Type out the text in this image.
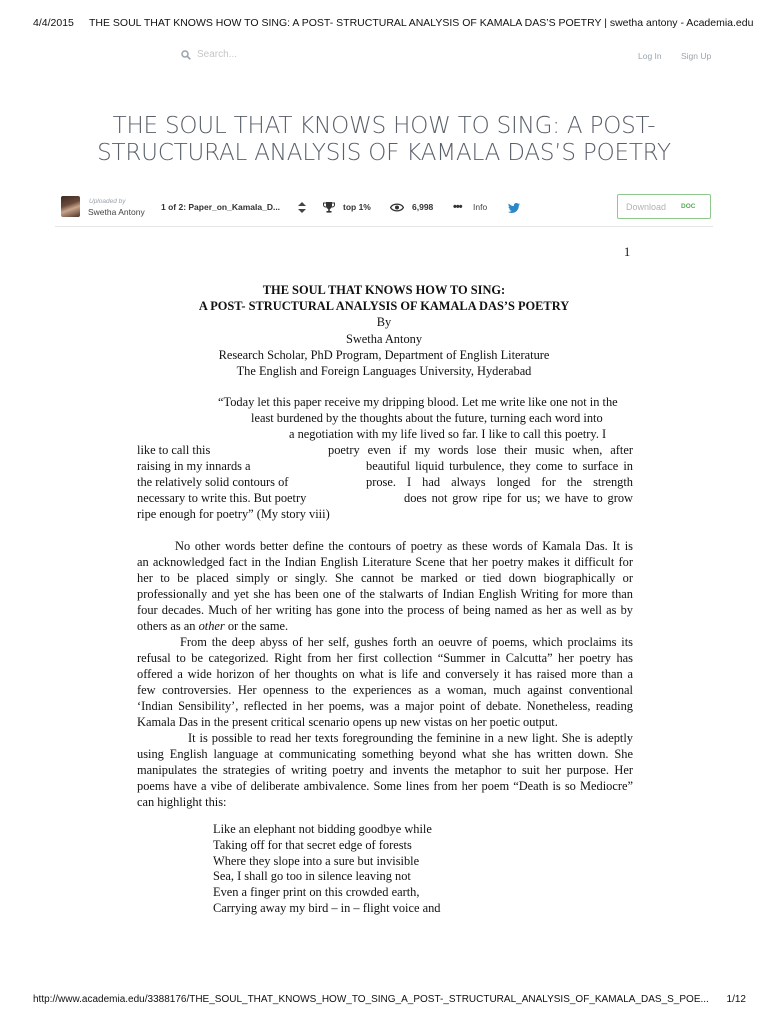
4/4/2015 THE SOUL THAT KNOWS HOW TO SING: A POST- STRUCTURAL ANALYSIS OF KAMALA DAS’S POETRY | swetha antony - Academia.edu
Search...
Log In Sign Up
THE SOUL THAT KNOWS HOW TO SING: A POST-
STRUCTURAL ANALYSIS OF KAMALA DAS’S POETRY
Uploaded by
Swetha Antony 1 of 2: Paper_on_Kamala_D...	top 1%	6,998 ••• Info	Download DOC
1
THE SOUL THAT KNOWS HOW TO SING:
A POST- STRUCTURAL ANALYSIS OF KAMALA DAS’S POETRY
By
Swetha Antony
Research Scholar, PhD Program, Department of English Literature
The English and Foreign Languages University, Hyderabad
“Today let this paper receive my dripping blood. Let me write like one not in the
least burdened by the thoughts about the future, turning each word into
a negotiation with my life lived so far. I like to call this poetry. I
like to call this	poetry even if my words lose their music when, after
raising in my innards a	beautiful liquid turbulence, they come to surface in
the relatively solid contours of	prose. I had always longed for the strength
necessary to write this. But poetry	does not grow ripe for us; we have to grow
ripe enough for poetry” (My story viii)
No other words better define the contours of poetry as these words of Kamala Das. It is
an acknowledged fact in the Indian English Literature Scene that her poetry makes it difficult for
her to be placed simply or singly. She cannot be marked or tied down biographically or
professionally and yet she has been one of the stalwarts of Indian English Writing for more than
four decades. Much of her writing has gone into the process of being named as her as well as by
others as an other or the same.
From the deep abyss of her self, gushes forth an oeuvre of poems, which proclaims its
refusal to be categorized. Right from her first collection “Summer in Calcutta” her poetry has
offered a wide horizon of her thoughts on what is life and conversely it has raised more than a
few controversies. Her openness to the experiences as a woman, much against conventional
‘Indian Sensibility’, reflected in her poems, was a major point of debate. Nonetheless, reading
Kamala Das in the present critical scenario opens up new vistas on her poetic output.
It is possible to read her texts foregrounding the feminine in a new light. She is adeptly
using English language at communicating something beyond what she has written down. She
manipulates the strategies of writing poetry and invents the metaphor to suit her purpose. Her
poems have a vibe of deliberate ambivalence. Some lines from her poem “Death is so Mediocre”
can highlight this:
Like an elephant not bidding goodbye while
Taking off for that secret edge of forests
Where they slope into a sure but invisible
Sea, I shall go too in silence leaving not
Even a finger print on this crowded earth,
Carrying away my bird – in – flight voice and
http://www.academia.edu/3388176/THE_SOUL_THAT_KNOWS_HOW_TO_SING_A_POST-_STRUCTURAL_ANALYSIS_OF_KAMALA_DAS_S_POE... 1/12
